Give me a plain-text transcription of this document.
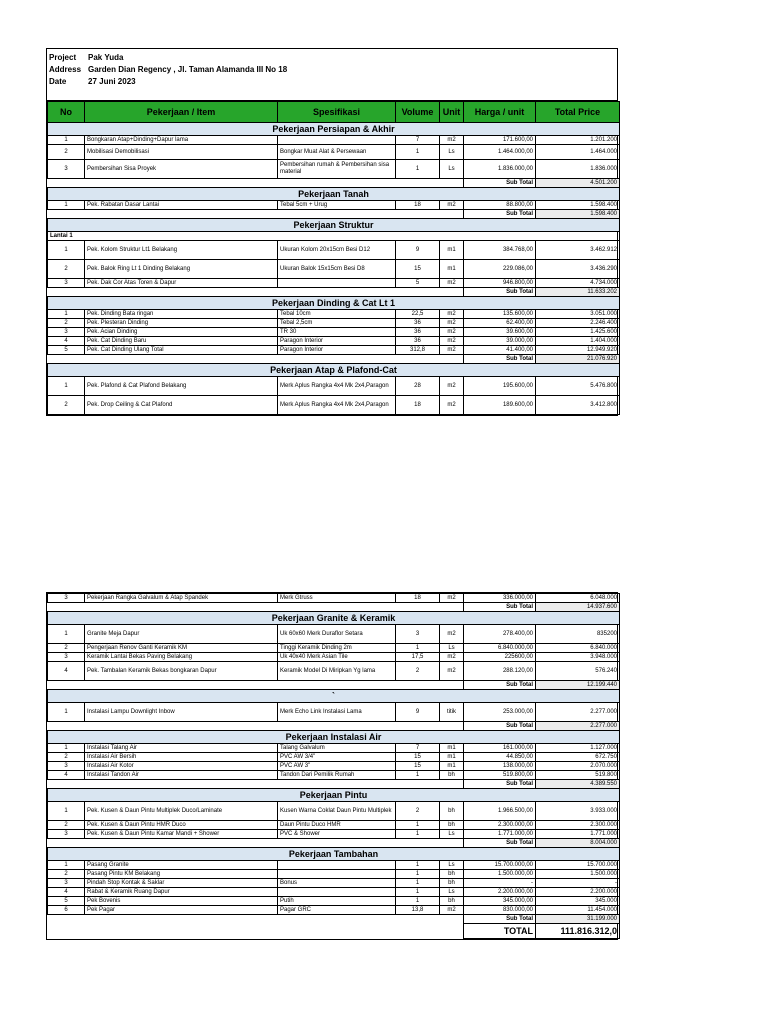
Project	Pak Yuda
Address Garden Dian Regency , Jl. Taman Alamanda III No 18
Date	27 Juni 2023
No	Pekerjaan / Item	Spesifikasi	Volume	Unit	Harga / unit	Total Price
Pekerjaan Persiapan & Akhir						
1	Bongkaran Atap+Dinding+Dapur lama		7	m2	171.600,00	1.201.200
2	Mobilisasi Demobilisasi	Bongkar Muat Alat & Persewaan	1	Ls	1.464.000,00	1.464.000
3	Pembersihan Sisa Proyek	Pembersihan rumah & Pembersihan sisa material	1	Ls	1.836.000,00	1.836.000
					Sub Total	4.501.200
Pekerjaan Tanah						
1	Pek. Rabatan Dasar Lantai	Tebal 5cm + Urug	18	m2	88.800,00	1.598.400
					Sub Total	1.598.400
Pekerjaan Struktur						
Lantai 1						
1	Pek. Kolom Struktur Lt1 Belakang	Ukuran Kolom 20x15cm Besi D12	9	m1	384.768,00	3.462.912
2	Pek. Balok Ring Lt 1 Dinding Belakang	Ukuran Balok 15x15cm Besi D8	15	m1	229.086,00	3.436.290
3	Pek. Dak Cor Atas Toren & Dapur		5	m2	946.800,00	4.734.000
					Sub Total	11.633.202
Pekerjaan Dinding & Cat Lt 1						
1	Pek. Dinding Bata ringan	Tebal 10cm	22,5	m2	135.600,00	3.051.000
2	Pek. Plesteran Dinding	Tebal 2,5cm	36	m2	62.400,00	2.246.400
3	Pek. Acian Dinding	TR 30	36	m2	39.600,00	1.425.600
4	Pek. Cat Dinding Baru	Paragon Interior	36	m2	39.000,00	1.404.000
5	Pek. Cat Dinding Ulang Total	Paragon Interior	312,8	m2	41.400,00	12.949.920
					Sub Total	21.076.920
Pekerjaan Atap & Plafond-Cat						
1	Pek. Plafond & Cat Plafond Belakang	Merk Aplus Rangka 4x4 Mk 2x4,Paragon	28	m2	195.600,00	5.476.800
2	Pek. Drop Ceiling & Cat Plafond	Merk Aplus Rangka 4x4 Mk 2x4,Paragon	18	m2	189.600,00	3.412.800
3	Pekerjaan Rangka Galvalum & Atap Spandek	Merk Gtruss	18	m2	336.000,00	6.048.000
					Sub Total	14.937.600
Pekerjaan Granite & Keramik						
1	Granite Meja Dapur	Uk 60x60 Merk Duraflor Setara	3	m2	278.400,00	835200
2	Pengerjaan Renov Ganti Keramik KM	Tinggi Keramik Dinding 2m	1	Ls	6.840.000,00	6.840.000
3	Keramik Lantai Bekas Paving Belakang	Uk 40x40 Merk Asian Tile	17,5	m2	225600,00	3.948.000
4	Pek. Tambalan Keramik Bekas bongkaran Dapur	Keramik Model Di Miripkan Yg lama	2	m2	288.120,00	576.240
					Sub Total	12.199.440
`						
1	Instalasi Lampu Downlight Inbow	Merk Echo Link Instalasi Lama	9	titik	253.000,00	2.277.000
					Sub Total	2.277.000
Pekerjaan Instalasi Air						
1	Instalasi Talang Air	Talang Galvalum	7	m1	161.000,00	1.127.000
2	Instalasi Air Bersih	PVC AW 3/4"	15	m1	44.850,00	672.750
3	Instalasi Air Kotor	PVC AW 3"	15	m1	138.000,00	2.070.000
4	Instalasi Tandon Air	Tandon Dari Pemilik Rumah	1	bh	519.800,00	519.800
					Sub Total	4.389.550
Pekerjaan Pintu						
1	Pek. Kusen & Daun Pintu Multiplek Duco/Laminate	Kusen Warna Coklat Daun Pintu Multiplek	2	bh	1.966.500,00	3.933.000
2	Pek. Kusen & Daun Pintu HMR Duco	Daun Pintu Duco HMR	1	bh	2.300.000,00	2.300.000
3	Pek. Kusen & Daun Pintu Kamar Mandi + Shower	PVC & Shower	1	Ls	1.771.000,00	1.771.000
					Sub Total	8.004.000
Pekerjaan Tambahan						
1	Pasang Granite		1	Ls	15.700.000,00	15.700.000
2	Pasang Pintu KM Belakang		1	bh	1.500.000,00	1.500.000
3	Pindah Stop Kontak & Saklar	Bonus	1	bh	-	-
4	Rabat & Keramik Ruang Dapur		1	Ls	2.200.000,00	2.200.000
5	Pek Bovenis	Putih	1	bh	345.000,00	345.000
6	Pek Pagar	Pagar GRC	13,8	m2	830.000,00	11.454.000
					Sub Total	31.199.000
					TOTAL	111.816.312,0
